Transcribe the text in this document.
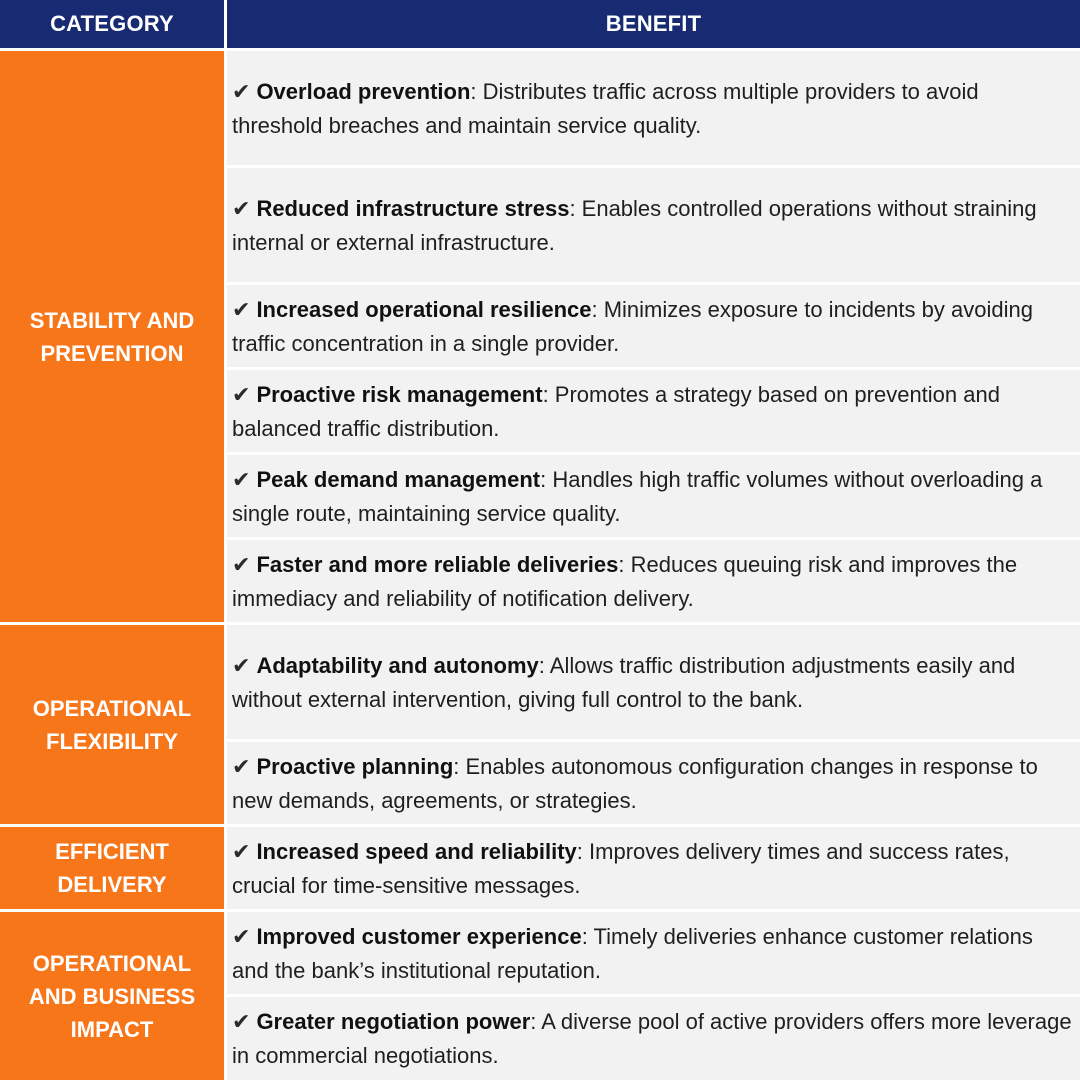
CATEGORY	BENEFIT
STABILITY AND PREVENTION
OPERATIONAL FLEXIBILITY
EFFICIENT DELIVERY
OPERATIONAL AND BUSINESS IMPACT

✔ Overload prevention: Distributes traffic across multiple providers to avoid threshold breaches and maintain service quality.

✔ Reduced infrastructure stress: Enables controlled operations without straining internal or external infrastructure.

✔ Increased operational resilience: Minimizes exposure to incidents by avoiding traffic concentration in a single provider.

✔ Proactive risk management: Promotes a strategy based on prevention and balanced traffic distribution.

✔ Peak demand management: Handles high traffic volumes without overloading a single route, maintaining service quality.

✔ Faster and more reliable deliveries: Reduces queuing risk and improves the immediacy and reliability of notification delivery.

✔ Adaptability and autonomy: Allows traffic distribution adjustments easily and without external intervention, giving full control to the bank.

✔ Proactive planning: Enables autonomous configuration changes in response to new demands, agreements, or strategies.

✔ Increased speed and reliability: Improves delivery times and success rates, crucial for time-sensitive messages.

✔ Improved customer experience: Timely deliveries enhance customer relations and the bank’s institutional reputation.

✔ Greater negotiation power: A diverse pool of active providers offers more leverage in commercial negotiations.
